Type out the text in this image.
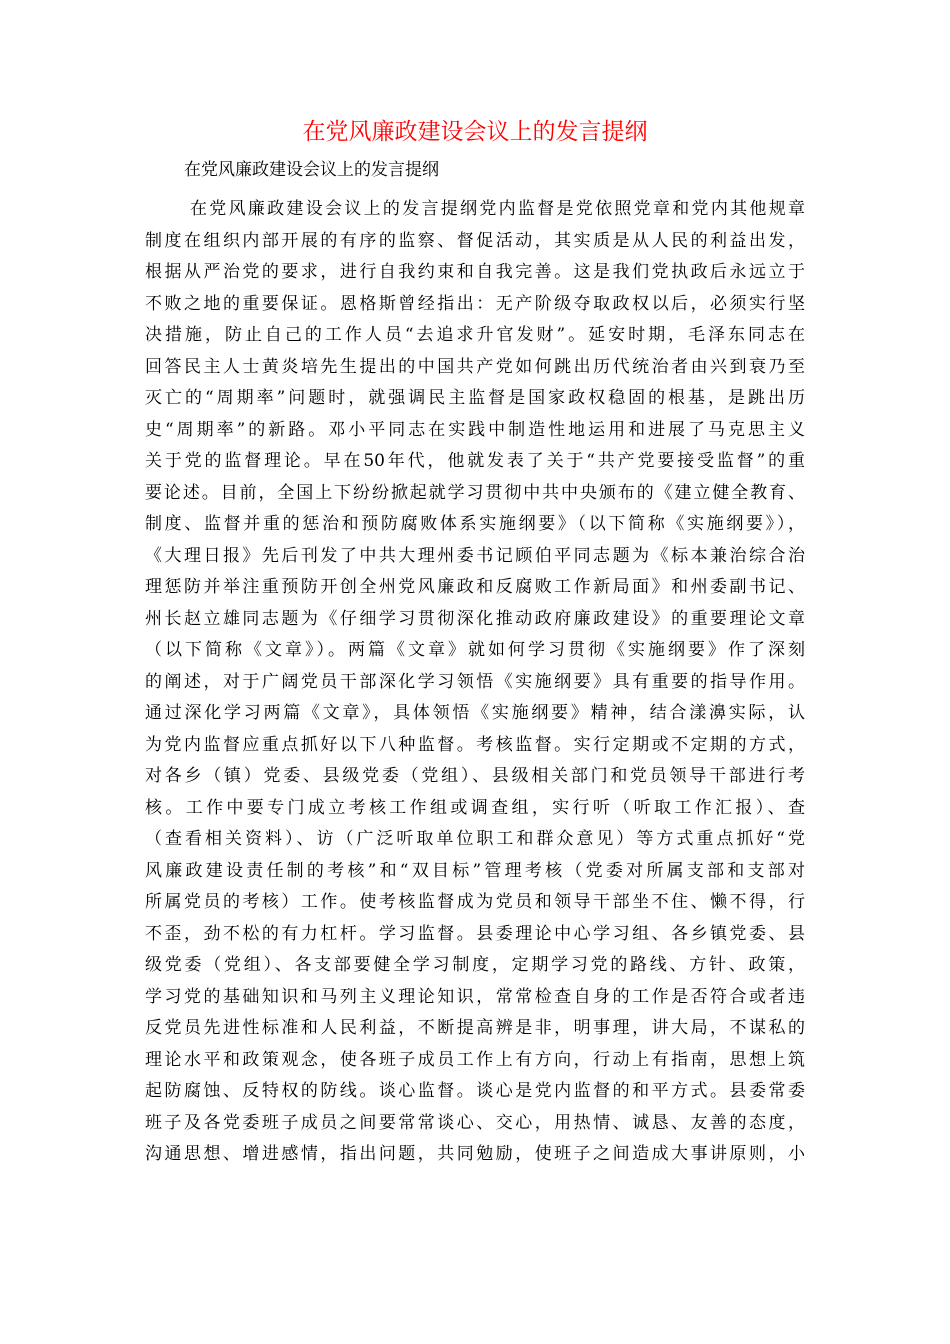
在党风廉政建设会议上的发言提纲
在党风廉政建设会议上的发言提纲
在党风廉政建设会议上的发言提纲党内监督是党依照党章和党内其他规章
制度在组织内部开展的有序的监察、督促活动，其实质是从人民的利益出发，
根据从严治党的要求，进行自我约束和自我完善。这是我们党执政后永远立于
不败之地的重要保证。恩格斯曾经指出：无产阶级夺取政权以后，必须实行坚
决措施，防止自己的工作人员“去追求升官发财”。延安时期，毛泽东同志在
回答民主人士黄炎培先生提出的中国共产党如何跳出历代统治者由兴到衰乃至
灭亡的“周期率”问题时，就强调民主监督是国家政权稳固的根基，是跳出历
史“周期率”的新路。邓小平同志在实践中制造性地运用和进展了马克思主义
关于党的监督理论。早在50年代，他就发表了关于“共产党要接受监督”的重
要论述。目前，全国上下纷纷掀起就学习贯彻中共中央颁布的《建立健全教育、
制度、监督并重的惩治和预防腐败体系实施纲要》（以下简称《实施纲要》），
《大理日报》先后刊发了中共大理州委书记顾伯平同志题为《标本兼治综合治
理惩防并举注重预防开创全州党风廉政和反腐败工作新局面》和州委副书记、
州长赵立雄同志题为《仔细学习贯彻深化推动政府廉政建设》的重要理论文章
（以下简称《文章》）。两篇《文章》就如何学习贯彻《实施纲要》作了深刻
的阐述，对于广阔党员干部深化学习领悟《实施纲要》具有重要的指导作用。
通过深化学习两篇《文章》，具体领悟《实施纲要》精神，结合漾濞实际，认
为党内监督应重点抓好以下八种监督。考核监督。实行定期或不定期的方式，
对各乡（镇）党委、县级党委（党组）、县级相关部门和党员领导干部进行考
核。工作中要专门成立考核工作组或调查组，实行听（听取工作汇报）、查
（查看相关资料）、访（广泛听取单位职工和群众意见）等方式重点抓好“党
风廉政建设责任制的考核”和“双目标”管理考核（党委对所属支部和支部对
所属党员的考核）工作。使考核监督成为党员和领导干部坐不住、懒不得，行
不歪，劲不松的有力杠杆。学习监督。县委理论中心学习组、各乡镇党委、县
级党委（党组）、各支部要健全学习制度，定期学习党的路线、方针、政策，
学习党的基础知识和马列主义理论知识，常常检查自身的工作是否符合或者违
反党员先进性标准和人民利益，不断提高辨是非，明事理，讲大局，不谋私的
理论水平和政策观念，使各班子成员工作上有方向，行动上有指南，思想上筑
起防腐蚀、反特权的防线。谈心监督。谈心是党内监督的和平方式。县委常委
班子及各党委班子成员之间要常常谈心、交心，用热情、诚恳、友善的态度，
沟通思想、增进感情，指出问题，共同勉励，使班子之间造成大事讲原则，小
